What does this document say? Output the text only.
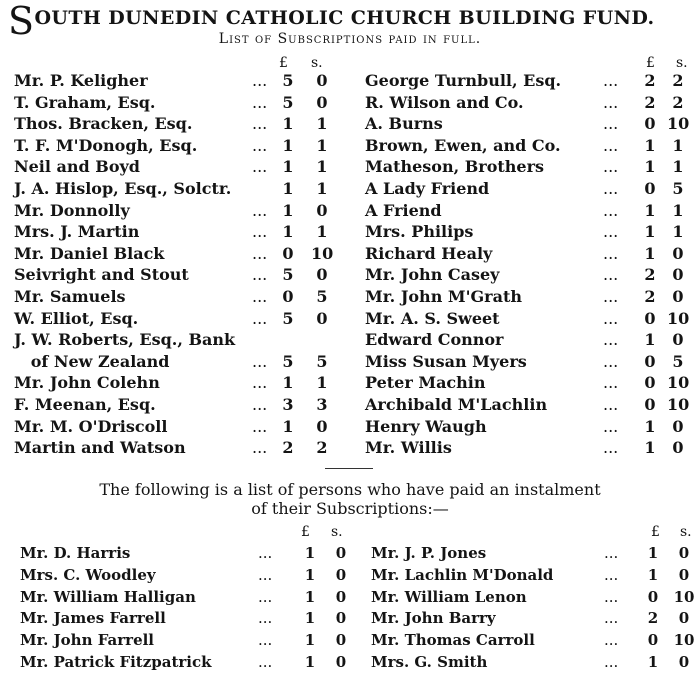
SOUTH DUNEDIN CATHOLIC CHURCH BUILDING FUND.
List of Subscriptions paid in full.
£ s.	£ s.
Mr. P. Keligher	... 5	0
T. Graham, Esq.	... 5	0
Thos. Bracken, Esq.	... 1	1
T. F. M'Donogh, Esq.	... 1	1
Neil and Boyd	... 1	1
J. A. Hislop, Esq., Solctr.	1	1
Mr. Donnolly	... 1	0
Mrs. J. Martin	... 1	1
Mr. Daniel Black	... 0 10
Seivright and Stout	... 5	0
Mr. Samuels	... 0	5
W. Elliot, Esq.	... 5	0
J. W. Roberts, Esq., Bank
of New Zealand	... 5	5
Mr. John Colehn	... 1	1
F. Meenan, Esq.	... 3	3
Mr. M. O'Driscoll	... 1	0
Martin and Watson	... 2	2
George Turnbull, Esq.	... 2	2
R. Wilson and Co.	... 2	2
A. Burns	... 0 10
Brown, Ewen, and Co.	... 1	1
Matheson, Brothers	... 1	1
A Lady Friend	... 0	5
A Friend	... 1	1
Mrs. Philips	... 1	1
Richard Healy	... 1	0
Mr. John Casey	... 2	0
Mr. John M'Grath	... 2	0
Mr. A. S. Sweet	... 0 10
Edward Connor	... 1	0
Miss Susan Myers	... 0	5
Peter Machin	... 0 10
Archibald M'Lachlin	... 0 10
Henry Waugh	... 1	0
Mr. Willis	... 1	0
The following is a list of persons who have paid an instalment
of their Subscriptions:—
£ s.	£ s.
Mr. D. Harris	...	1	0
Mrs. C. Woodley	...	1	0
Mr. William Halligan	...	1	0
Mr. James Farrell	...	1	0
Mr. John Farrell	...	1	0
Mr. Patrick Fitzpatrick	...	1	0
Mr. J. P. Jones	...	1	0
Mr. Lachlin M'Donald	...	1	0
Mr. William Lenon	...	0	10
Mr. John Barry	...	2	0
Mr. Thomas Carroll	...	0	10
Mrs. G. Smith	...	1	0
